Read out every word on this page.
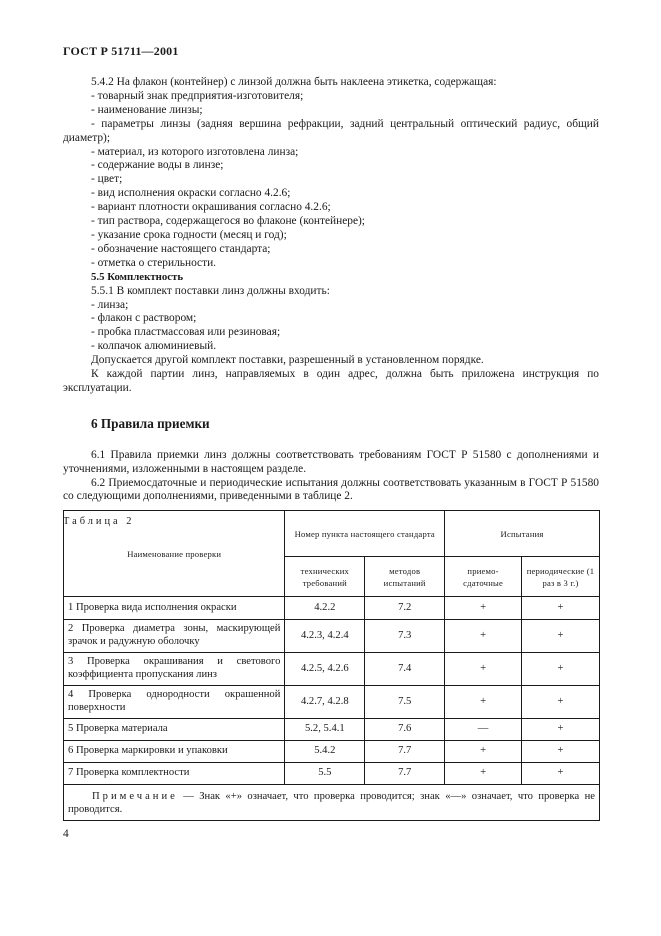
ГОСТ Р 51711—2001

5.4.2 На флакон (контейнер) с линзой должна быть наклеена этикетка, содержащая:

- товарный знак предприятия-изготовителя;

- наименование линзы;

- параметры линзы (задняя вершина рефракции, задний центральный оптический радиус, общий диаметр);

- материал, из которого изготовлена линза;

- содержание воды в линзе;

- цвет;

- вид исполнения окраски согласно 4.2.6;

- вариант плотности окрашивания согласно 4.2.6;

- тип раствора, содержащегося во флаконе (контейнере);

- указание срока годности (месяц и год);

- обозначение настоящего стандарта;

- отметка о стерильности.

5.5 Комплектность

5.5.1 В комплект поставки линз должны входить:

- линза;

- флакон с раствором;

- пробка пластмассовая или резиновая;

- колпачок алюминиевый.

Допускается другой комплект поставки, разрешенный в установленном порядке.

К каждой партии линз, направляемых в один адрес, должна быть приложена инструкция по эксплуатации.

6 Правила приемки

6.1 Правила приемки линз должны соответствовать требованиям ГОСТ Р 51580 с дополнениями и уточнениями, изложенными в настоящем разделе.

6.2 Приемосдаточные и периодические испытания должны соответствовать указанным в ГОСТ Р 51580 со следующими дополнениями, приведенными в таблице 2.

Таблица 2

Наименование проверки	Номер пункта настоящего стандарта		Испытания	
	технических требований	методов испытаний	приемо-сдаточные	периодические (1 раз в 3 г.)
1 Проверка вида исполнения окраски	4.2.2	7.2	+	+
2 Проверка диаметра зоны, маскирующей зрачок и радужную оболочку	4.2.3, 4.2.4	7.3	+	+
3 Проверка окрашивания и светового коэффициента пропускания линз	4.2.5, 4.2.6	7.4	+	+
4 Проверка однородности окрашенной поверхности	4.2.7, 4.2.8	7.5	+	+
5 Проверка материала	5.2, 5.4.1	7.6	—	+
6 Проверка маркировки и упаковки	5.4.2	7.7	+	+
7 Проверка комплектности	5.5	7.7	+	+
Примечание — Знак «+» означает, что проверка проводится; знак «—» означает, что проверка не проводится.				
4
